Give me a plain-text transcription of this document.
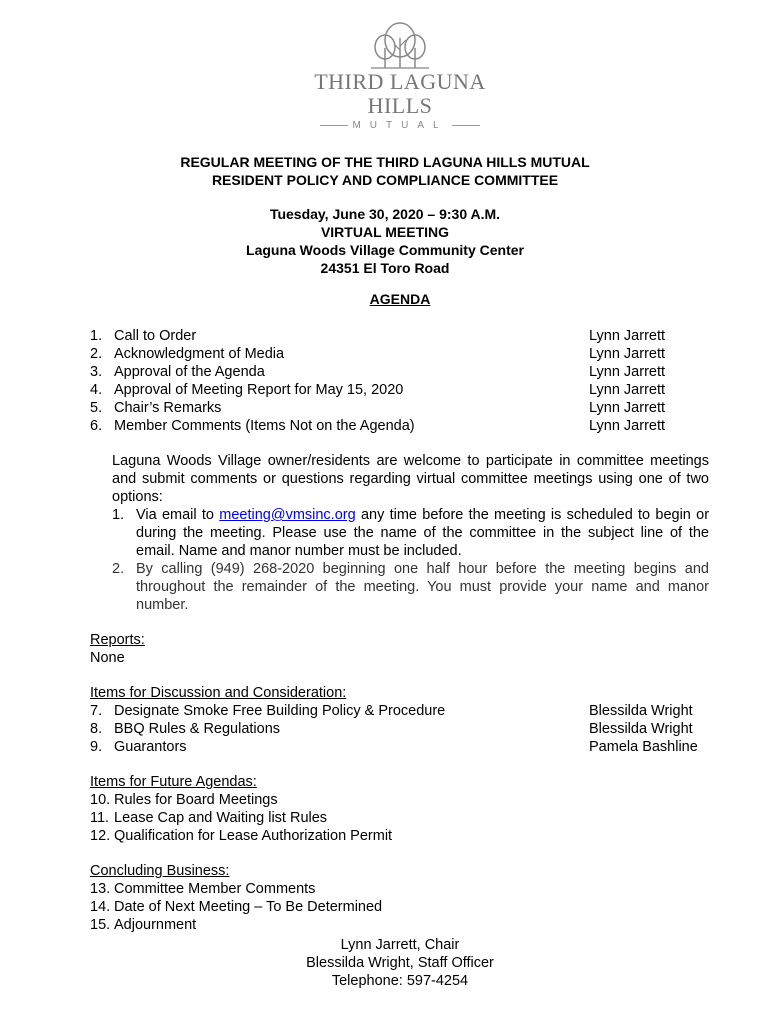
THIRD LAGUNA HILLS
MUTUAL
REGULAR MEETING OF THE THIRD LAGUNA HILLS MUTUAL
RESIDENT POLICY AND COMPLIANCE COMMITTEE
Tuesday, June 30, 2020 – 9:30 A.M.
VIRTUAL MEETING
Laguna Woods Village Community Center
24351 El Toro Road
AGENDA
1. Call to Order	Lynn Jarrett
2. Acknowledgment of Media	Lynn Jarrett
3. Approval of the Agenda	Lynn Jarrett
4. Approval of Meeting Report for May 15, 2020	Lynn Jarrett
5. Chair’s Remarks	Lynn Jarrett
6. Member Comments (Items Not on the Agenda)	Lynn Jarrett
Laguna Woods Village owner/residents are welcome to participate in committee meetings and submit comments or questions regarding virtual committee meetings using one of two options:
1. Via email to meeting@vmsinc.org any time before the meeting is scheduled to begin or during the meeting. Please use the name of the committee in the subject line of the email. Name and manor number must be included.
2. By calling (949) 268-2020 beginning one half hour before the meeting begins and throughout the remainder of the meeting. You must provide your name and manor number.
Reports:
None
Items for Discussion and Consideration:
7. Designate Smoke Free Building Policy & Procedure	Blessilda Wright
8. BBQ Rules & Regulations	Blessilda Wright
9. Guarantors	Pamela Bashline
Items for Future Agendas:
10. Rules for Board Meetings
11. Lease Cap and Waiting list Rules
12. Qualification for Lease Authorization Permit
Concluding Business:
13. Committee Member Comments
14. Date of Next Meeting – To Be Determined
15. Adjournment
Lynn Jarrett, Chair
Blessilda Wright, Staff Officer
Telephone: 597-4254
